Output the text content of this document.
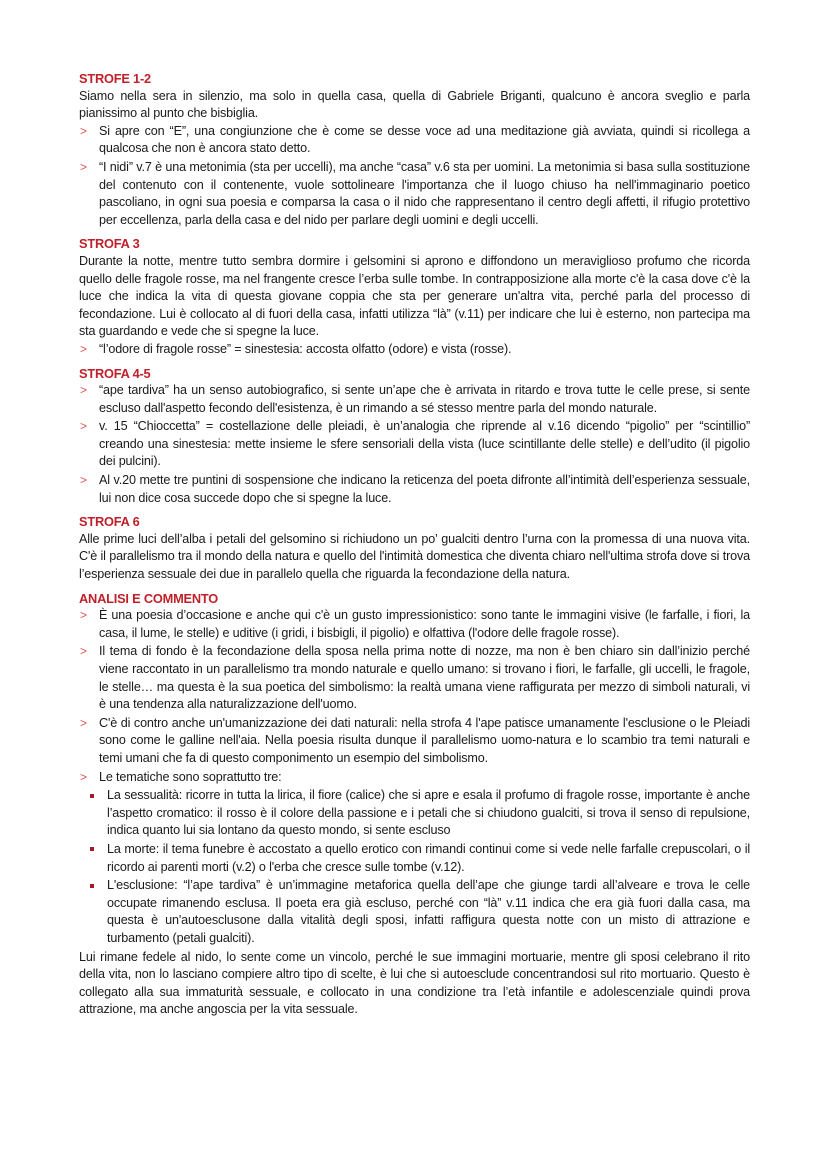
STROFE 1-2

Siamo nella sera in silenzio, ma solo in quella casa, quella di Gabriele Briganti, qualcuno è ancora sveglio e parla pianissimo al punto che bisbiglia.

> Si apre con “E”, una congiunzione che è come se desse voce ad una meditazione già avviata, quindi si ricollega a qualcosa che non è ancora stato detto.
> “I nidi” v.7 è una metonimia (sta per uccelli), ma anche “casa” v.6 sta per uomini. La metonimia si basa sulla sostituzione del contenuto con il contenente, vuole sottolineare l'importanza che il luogo chiuso ha nell'immaginario poetico pascoliano, in ogni sua poesia e comparsa la casa o il nido che rappresentano il centro degli affetti, il rifugio protettivo per eccellenza, parla della casa e del nido per parlare degli uomini e degli uccelli.
STROFA 3

Durante la notte, mentre tutto sembra dormire i gelsomini si aprono e diffondono un meraviglioso profumo che ricorda quello delle fragole rosse, ma nel frangente cresce l’erba sulle tombe. In contrapposizione alla morte c'è la casa dove c'è la luce che indica la vita di questa giovane coppia che sta per generare un'altra vita, perché parla del processo di fecondazione. Lui è collocato al di fuori della casa, infatti utilizza “là” (v.11) per indicare che lui è esterno, non partecipa ma sta guardando e vede che si spegne la luce.

> “l’odore di fragole rosse” = sinestesia: accosta olfatto (odore) e vista (rosse).
STROFA 4-5
> “ape tardiva” ha un senso autobiografico, si sente un’ape che è arrivata in ritardo e trova tutte le celle prese, si sente escluso dall'aspetto fecondo dell'esistenza, è un rimando a sé stesso mentre parla del mondo naturale.
> v. 15 “Chioccetta” = costellazione delle pleiadi, è un’analogia che riprende al v.16 dicendo “pigolio” per “scintillio” creando una sinestesia: mette insieme le sfere sensoriali della vista (luce scintillante delle stelle) e dell’udito (il pigolio dei pulcini).
> Al v.20 mette tre puntini di sospensione che indicano la reticenza del poeta difronte all’intimità dell’esperienza sessuale, lui non dice cosa succede dopo che si spegne la luce.
STROFA 6

Alle prime luci dell’alba i petali del gelsomino si richiudono un po’ gualciti dentro l’urna con la promessa di una nuova vita. C'è il parallelismo tra il mondo della natura e quello del l'intimità domestica che diventa chiaro nell'ultima strofa dove si trova l’esperienza sessuale dei due in parallelo quella che riguarda la fecondazione della natura.

ANALISI E COMMENTO
> È una poesia d’occasione e anche qui c'è un gusto impressionistico: sono tante le immagini visive (le farfalle, i fiori, la casa, il lume, le stelle) e uditive (i gridi, i bisbigli, il pigolio) e olfattiva (l'odore delle fragole rosse).
> Il tema di fondo è la fecondazione della sposa nella prima notte di nozze, ma non è ben chiaro sin dall’inizio perché viene raccontato in un parallelismo tra mondo naturale e quello umano: si trovano i fiori, le farfalle, gli uccelli, le fragole, le stelle… ma questa è la sua poetica del simbolismo: la realtà umana viene raffigurata per mezzo di simboli naturali, vi è una tendenza alla naturalizzazione dell'uomo.
> C'è di contro anche un'umanizzazione dei dati naturali: nella strofa 4 l'ape patisce umanamente l'esclusione o le Pleiadi sono come le galline nell'aia. Nella poesia risulta dunque il parallelismo uomo-natura e lo scambio tra temi naturali e temi umani che fa di questo componimento un esempio del simbolismo.
> Le tematiche sono soprattutto tre:
La sessualità: ricorre in tutta la lirica, il fiore (calice) che si apre e esala il profumo di fragole rosse, importante è anche l’aspetto cromatico: il rosso è il colore della passione e i petali che si chiudono gualciti, si trova il senso di repulsione, indica quanto lui sia lontano da questo mondo, si sente escluso
La morte: il tema funebre è accostato a quello erotico con rimandi continui come si vede nelle farfalle crepuscolari, o il ricordo ai parenti morti (v.2) o l'erba che cresce sulle tombe (v.12).
L'esclusione: “l’ape tardiva” è un’immagine metaforica quella dell’ape che giunge tardi all’alveare e trova le celle occupate rimanendo esclusa. Il poeta era già escluso, perché con “là” v.11 indica che era già fuori dalla casa, ma questa è un'autoesclusone dalla vitalità degli sposi, infatti raffigura questa notte con un misto di attrazione e turbamento (petali gualciti).

Lui rimane fedele al nido, lo sente come un vincolo, perché le sue immagini mortuarie, mentre gli sposi celebrano il rito della vita, non lo lasciano compiere altro tipo di scelte, è lui che si autoesclude concentrandosi sul rito mortuario. Questo è collegato alla sua immaturità sessuale, e collocato in una condizione tra l’età infantile e adolescenziale quindi prova attrazione, ma anche angoscia per la vita sessuale.
